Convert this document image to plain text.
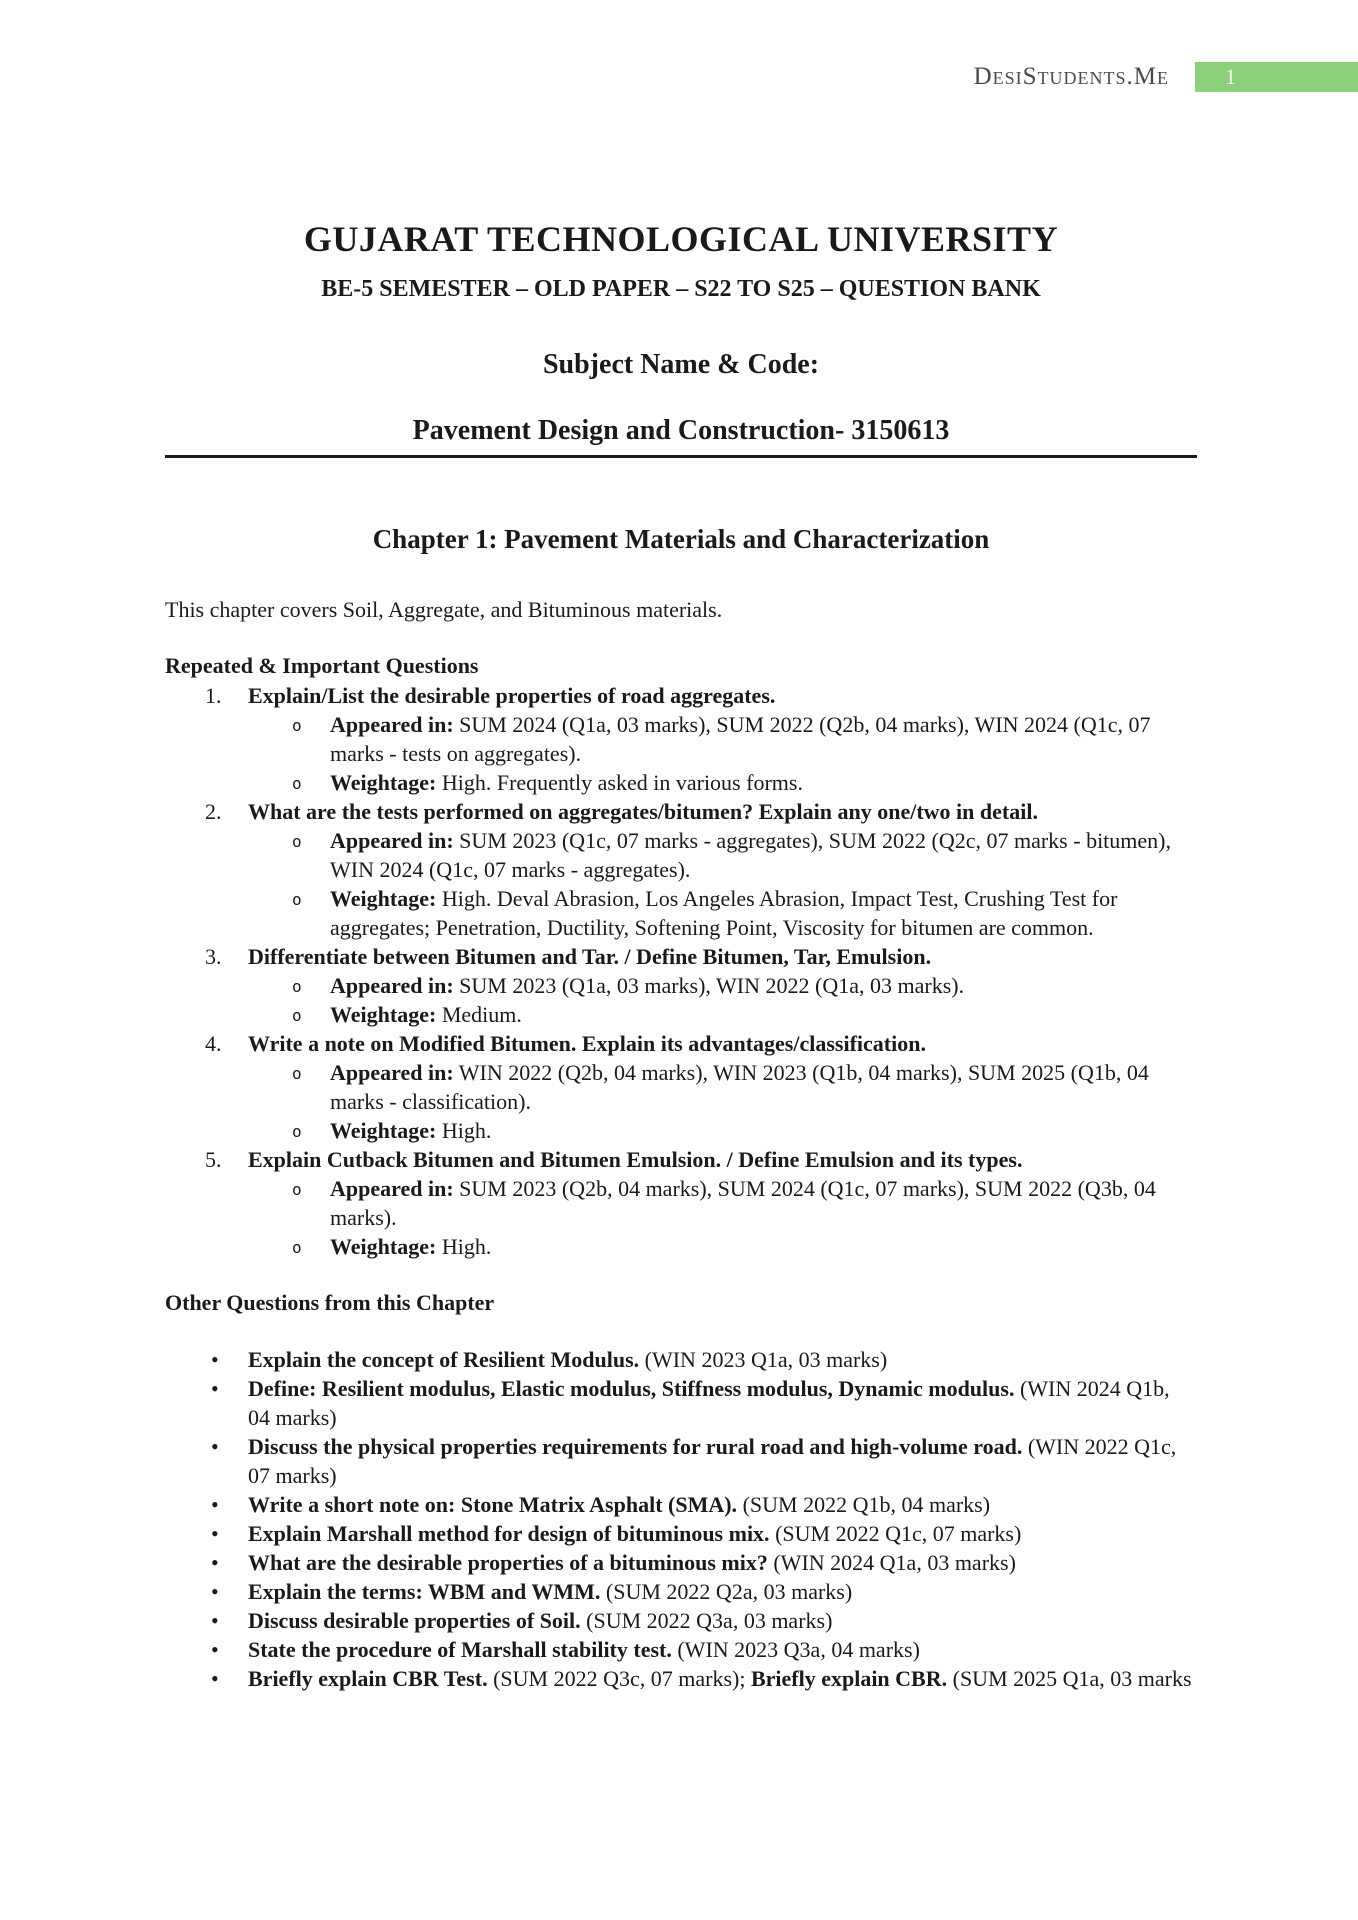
DesiStudents.Me	1
GUJARAT TECHNOLOGICAL UNIVERSITY
BE-5 SEMESTER – OLD PAPER – S22 TO S25 – QUESTION BANK
Subject Name & Code:
Pavement Design and Construction- 3150613
Chapter 1: Pavement Materials and Characterization
This chapter covers Soil, Aggregate, and Bituminous materials.
Repeated & Important Questions
Explain/List the desirable properties of road aggregates.
o Appeared in: SUM 2024 (Q1a, 03 marks), SUM 2022 (Q2b, 04 marks), WIN 2024 (Q1c, 07 marks - tests on aggregates).
o Weightage: High. Frequently asked in various forms.
What are the tests performed on aggregates/bitumen? Explain any one/two in detail.
o Appeared in: SUM 2023 (Q1c, 07 marks - aggregates), SUM 2022 (Q2c, 07 marks - bitumen), WIN 2024 (Q1c, 07 marks - aggregates).
o Weightage: High. Deval Abrasion, Los Angeles Abrasion, Impact Test, Crushing Test for aggregates; Penetration, Ductility, Softening Point, Viscosity for bitumen are common.
Differentiate between Bitumen and Tar. / Define Bitumen, Tar, Emulsion.
o Appeared in: SUM 2023 (Q1a, 03 marks), WIN 2022 (Q1a, 03 marks).
o Weightage: Medium.
Write a note on Modified Bitumen. Explain its advantages/classification.
o Appeared in: WIN 2022 (Q2b, 04 marks), WIN 2023 (Q1b, 04 marks), SUM 2025 (Q1b, 04 marks - classification).
o Weightage: High.
Explain Cutback Bitumen and Bitumen Emulsion. / Define Emulsion and its types.
o Appeared in: SUM 2023 (Q2b, 04 marks), SUM 2024 (Q1c, 07 marks), SUM 2022 (Q3b, 04 marks).
o Weightage: High.
Other Questions from this Chapter
• Explain the concept of Resilient Modulus. (WIN 2023 Q1a, 03 marks)
• Define: Resilient modulus, Elastic modulus, Stiffness modulus, Dynamic modulus. (WIN 2024 Q1b, 04 marks)
• Discuss the physical properties requirements for rural road and high-volume road. (WIN 2022 Q1c, 07 marks)
• Write a short note on: Stone Matrix Asphalt (SMA). (SUM 2022 Q1b, 04 marks)
• Explain Marshall method for design of bituminous mix. (SUM 2022 Q1c, 07 marks)
• What are the desirable properties of a bituminous mix? (WIN 2024 Q1a, 03 marks)
• Explain the terms: WBM and WMM. (SUM 2022 Q2a, 03 marks)
• Discuss desirable properties of Soil. (SUM 2022 Q3a, 03 marks)
• State the procedure of Marshall stability test. (WIN 2023 Q3a, 04 marks)
• Briefly explain CBR Test. (SUM 2022 Q3c, 07 marks); Briefly explain CBR. (SUM 2025 Q1a, 03 marks
